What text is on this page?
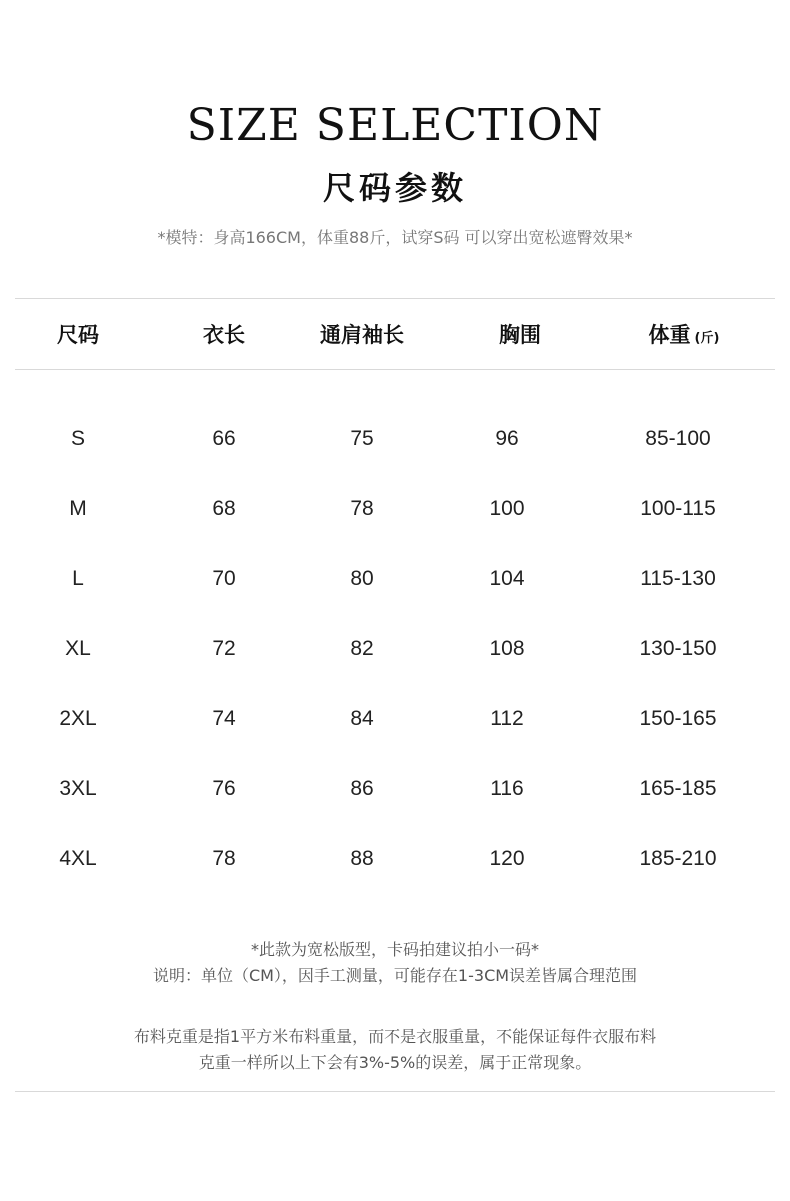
SIZE SELECTION
尺码参数
*模特：身高166CM，体重88斤，试穿S码 可以穿出宽松遮臀效果*
尺码	衣长	通肩袖长	胸围	体重 (斤)
S	66	75	96	85-100
M	68	78	100	100-115
L	70	80	104	115-130
XL	72	82	108	130-150
2XL	74	84	112	150-165
3XL	76	86	116	165-185
4XL	78	88	120	185-210
*此款为宽松版型，卡码拍建议拍小一码*
说明：单位（CM），因手工测量，可能存在1-3CM误差皆属合理范围
布料克重是指1平方米布料重量，而不是衣服重量，不能保证每件衣服布料
克重一样所以上下会有3%-5%的误差，属于正常现象。
